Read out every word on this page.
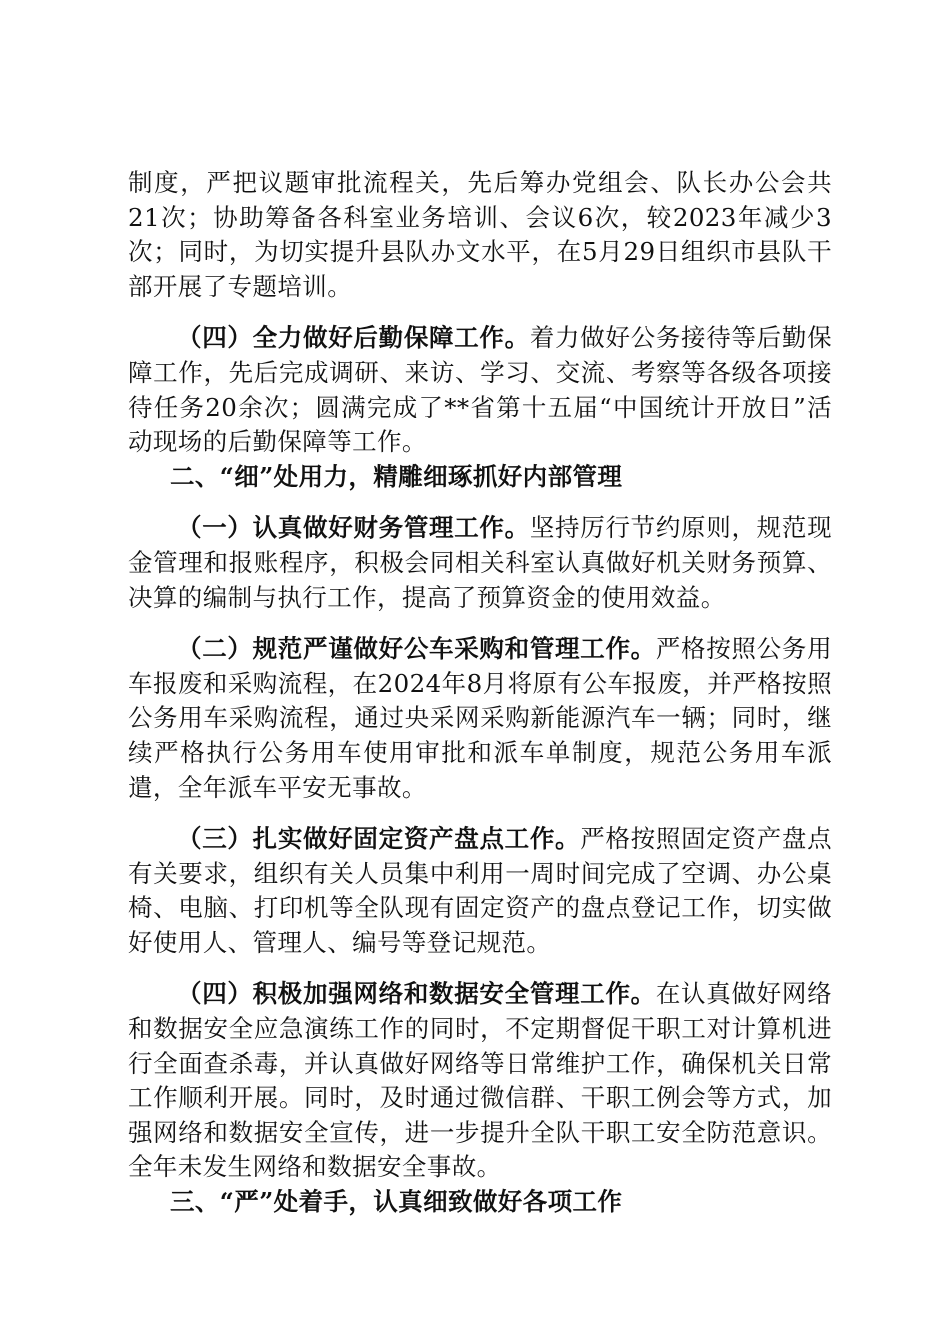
制度，严把议题审批流程关，先后筹办党组会、队长办公会共21次；协助筹备各科室业务培训、会议6次，较2023年减少3次；同时，为切实提升县队办文水平，在5月29日组织市县队干部开展了专题培训。

（四）全力做好后勤保障工作。着力做好公务接待等后勤保障工作，先后完成调研、来访、学习、交流、考察等各级各项接待任务20余次；圆满完成了**省第十五届“中国统计开放日”活动现场的后勤保障等工作。

二、“细”处用力，精雕细琢抓好内部管理

（一）认真做好财务管理工作。坚持厉行节约原则，规范现金管理和报账程序，积极会同相关科室认真做好机关财务预算、决算的编制与执行工作，提高了预算资金的使用效益。

（二）规范严谨做好公车采购和管理工作。严格按照公务用车报废和采购流程，在2024年8月将原有公车报废，并严格按照公务用车采购流程，通过央采网采购新能源汽车一辆；同时，继续严格执行公务用车使用审批和派车单制度，规范公务用车派遣，全年派车平安无事故。

（三）扎实做好固定资产盘点工作。严格按照固定资产盘点有关要求，组织有关人员集中利用一周时间完成了空调、办公桌椅、电脑、打印机等全队现有固定资产的盘点登记工作，切实做好使用人、管理人、编号等登记规范。

（四）积极加强网络和数据安全管理工作。在认真做好网络和数据安全应急演练工作的同时，不定期督促干职工对计算机进行全面查杀毒，并认真做好网络等日常维护工作，确保机关日常工作顺利开展。同时，及时通过微信群、干职工例会等方式，加强网络和数据安全宣传，进一步提升全队干职工安全防范意识。全年未发生网络和数据安全事故。

三、“严”处着手，认真细致做好各项工作
